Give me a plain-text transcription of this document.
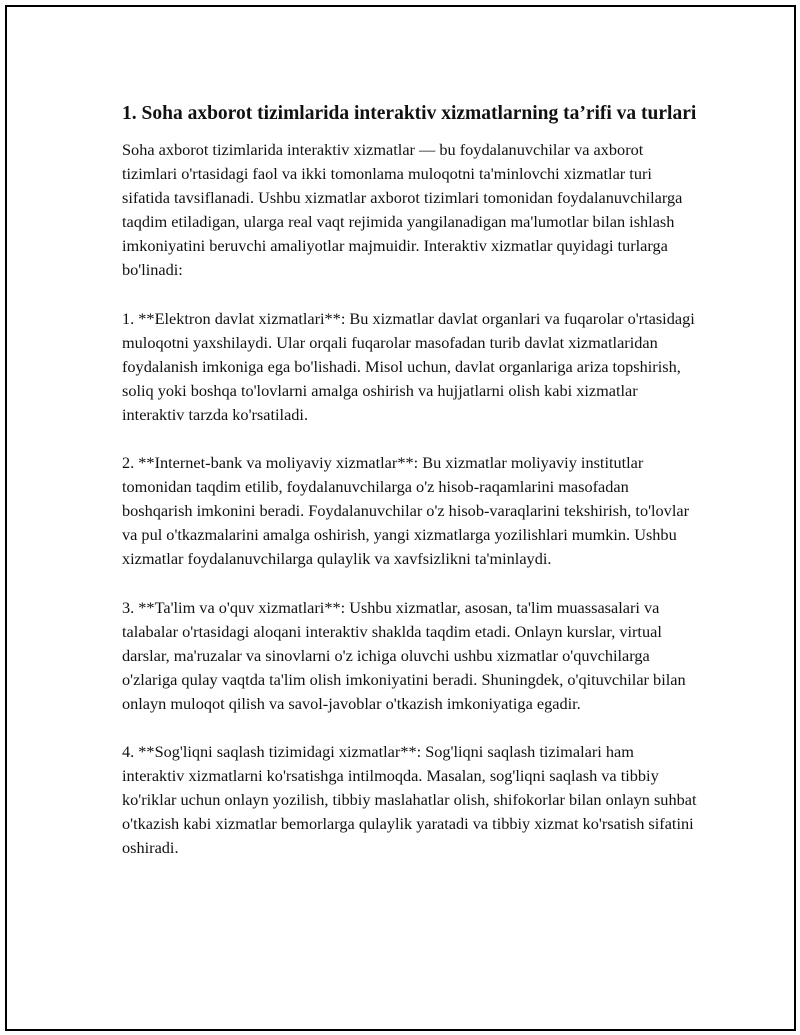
1. Soha axborot tizimlarida interaktiv xizmatlarning ta’rifi va turlari

Soha axborot tizimlarida interaktiv xizmatlar — bu foydalanuvchilar va axborot tizimlari o'rtasidagi faol va ikki tomonlama muloqotni ta'minlovchi xizmatlar turi sifatida tavsiflanadi. Ushbu xizmatlar axborot tizimlari tomonidan foydalanuvchilarga taqdim etiladigan, ularga real vaqt rejimida yangilanadigan ma'lumotlar bilan ishlash imkoniyatini beruvchi amaliyotlar majmuidir. Interaktiv xizmatlar quyidagi turlarga bo'linadi:

1. **Elektron davlat xizmatlari**: Bu xizmatlar davlat organlari va fuqarolar o'rtasidagi muloqotni yaxshilaydi. Ular orqali fuqarolar masofadan turib davlat xizmatlaridan foydalanish imkoniga ega bo'lishadi. Misol uchun, davlat organlariga ariza topshirish, soliq yoki boshqa to'lovlarni amalga oshirish va hujjatlarni olish kabi xizmatlar interaktiv tarzda ko'rsatiladi.

2. **Internet-bank va moliyaviy xizmatlar**: Bu xizmatlar moliyaviy institutlar tomonidan taqdim etilib, foydalanuvchilarga o'z hisob-raqamlarini masofadan boshqarish imkonini beradi. Foydalanuvchilar o'z hisob-varaqlarini tekshirish, to'lovlar va pul o'tkazmalarini amalga oshirish, yangi xizmatlarga yozilishlari mumkin. Ushbu xizmatlar foydalanuvchilarga qulaylik va xavfsizlikni ta'minlaydi.

3. **Ta'lim va o'quv xizmatlari**: Ushbu xizmatlar, asosan, ta'lim muassasalari va talabalar o'rtasidagi aloqani interaktiv shaklda taqdim etadi. Onlayn kurslar, virtual darslar, ma'ruzalar va sinovlarni o'z ichiga oluvchi ushbu xizmatlar o'quvchilarga o'zlariga qulay vaqtda ta'lim olish imkoniyatini beradi. Shuningdek, o'qituvchilar bilan onlayn muloqot qilish va savol-javoblar o'tkazish imkoniyatiga egadir.

4. **Sog'liqni saqlash tizimidagi xizmatlar**: Sog'liqni saqlash tizimalari ham interaktiv xizmatlarni ko'rsatishga intilmoqda. Masalan, sog'liqni saqlash va tibbiy ko'riklar uchun onlayn yozilish, tibbiy maslahatlar olish, shifokorlar bilan onlayn suhbat o'tkazish kabi xizmatlar bemorlarga qulaylik yaratadi va tibbiy xizmat ko'rsatish sifatini oshiradi.
